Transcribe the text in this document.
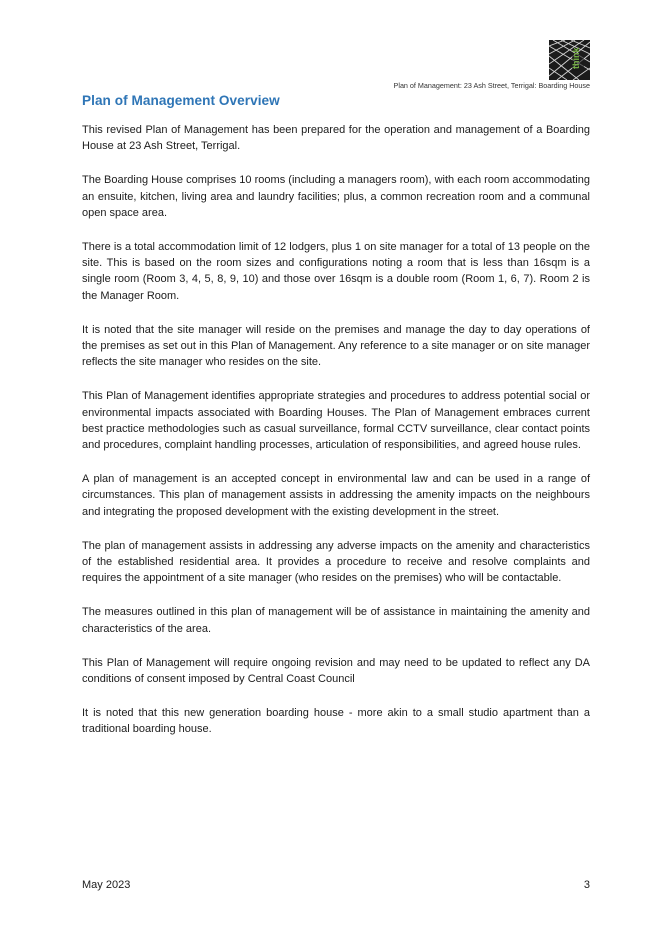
think
Plan of Management: 23 Ash Street, Terrigal: Boarding House
Plan of Management Overview

This revised Plan of Management has been prepared for the operation and management of a Boarding House at 23 Ash Street, Terrigal.

The Boarding House comprises 10 rooms (including a managers room), with each room accommodating an ensuite, kitchen, living area and laundry facilities; plus, a common recreation room and a communal open space area.

There is a total accommodation limit of 12 lodgers, plus 1 on site manager for a total of 13 people on the site. This is based on the room sizes and configurations noting a room that is less than 16sqm is a single room (Room 3, 4, 5, 8, 9, 10) and those over 16sqm is a double room (Room 1, 6, 7). Room 2 is the Manager Room.

It is noted that the site manager will reside on the premises and manage the day to day operations of the premises as set out in this Plan of Management. Any reference to a site manager or on site manager reflects the site manager who resides on the site.

This Plan of Management identifies appropriate strategies and procedures to address potential social or environmental impacts associated with Boarding Houses. The Plan of Management embraces current best practice methodologies such as casual surveillance, formal CCTV surveillance, clear contact points and procedures, complaint handling processes, articulation of responsibilities, and agreed house rules.

A plan of management is an accepted concept in environmental law and can be used in a range of circumstances. This plan of management assists in addressing the amenity impacts on the neighbours and integrating the proposed development with the existing development in the street.

The plan of management assists in addressing any adverse impacts on the amenity and characteristics of the established residential area. It provides a procedure to receive and resolve complaints and requires the appointment of a site manager (who resides on the premises) who will be contactable.

The measures outlined in this plan of management will be of assistance in maintaining the amenity and characteristics of the area.

This Plan of Management will require ongoing revision and may need to be updated to reflect any DA conditions of consent imposed by Central Coast Council

It is noted that this new generation boarding house - more akin to a small studio apartment than a traditional boarding house.

May 2023	3
